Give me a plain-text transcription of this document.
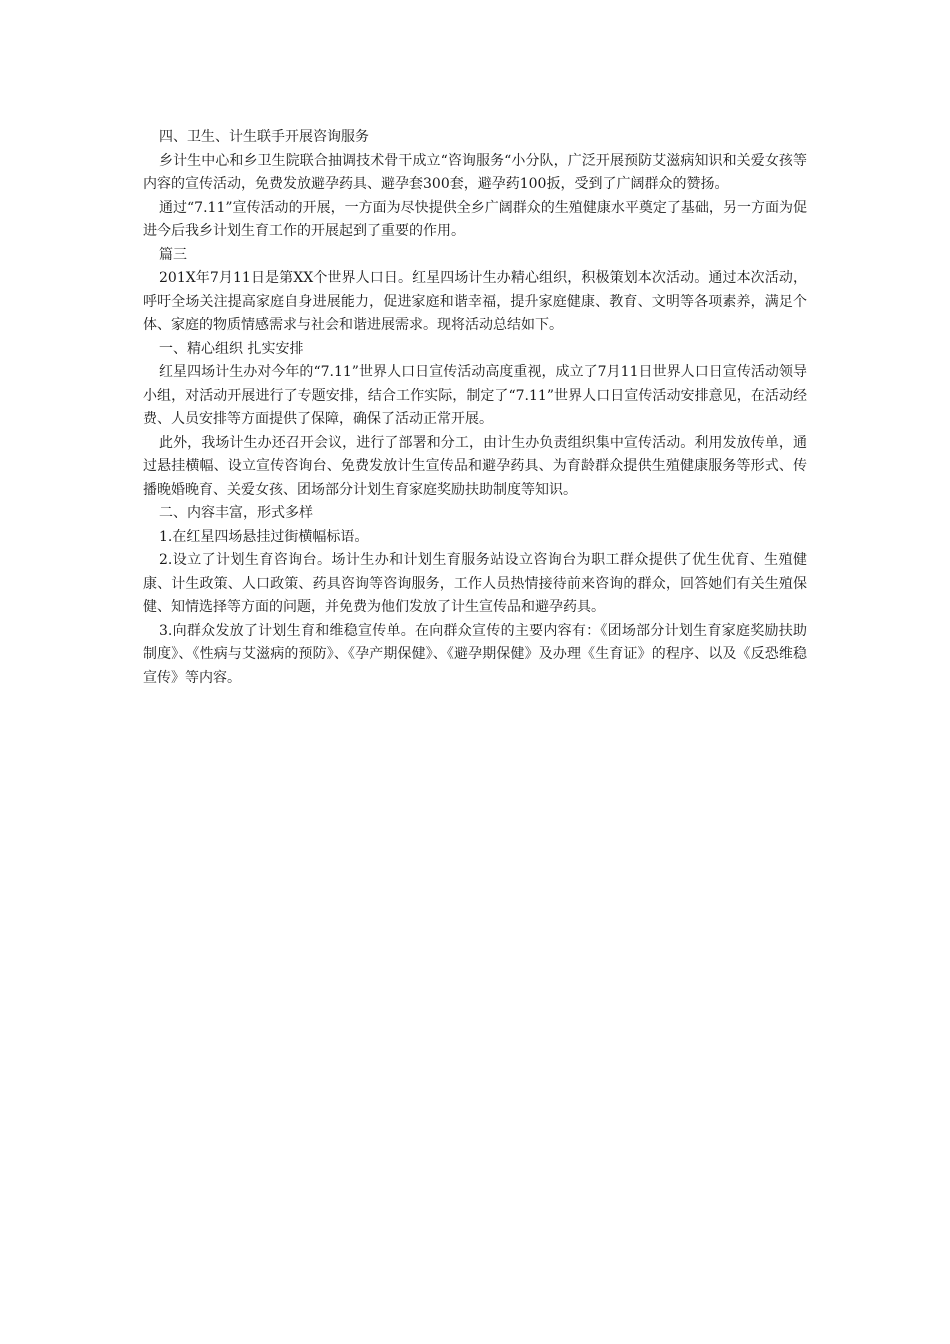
四、卫生、计生联手开展咨询服务

乡计生中心和乡卫生院联合抽调技术骨干成立“咨询服务“小分队，广泛开展预防艾滋病知识和关爱女孩等内容的宣传活动，免费发放避孕药具、避孕套300套，避孕药100扳，受到了广阔群众的赞扬。

通过“7.11”宣传活动的开展，一方面为尽快提供全乡广阔群众的生殖健康水平奠定了基础，另一方面为促进今后我乡计划生育工作的开展起到了重要的作用。

篇三

201X年7月11日是第XX个世界人口日。红星四场计生办精心组织，积极策划本次活动。通过本次活动，呼吁全场关注提高家庭自身进展能力，促进家庭和谐幸福，提升家庭健康、教育、文明等各项素养，满足个体、家庭的物质情感需求与社会和谐进展需求。现将活动总结如下。

一、精心组织 扎实安排

红星四场计生办对今年的“7.11”世界人口日宣传活动高度重视，成立了7月11日世界人口日宣传活动领导小组，对活动开展进行了专题安排，结合工作实际，制定了“7.11”世界人口日宣传活动安排意见，在活动经费、人员安排等方面提供了保障，确保了活动正常开展。

此外，我场计生办还召开会议，进行了部署和分工，由计生办负责组织集中宣传活动。利用发放传单，通过悬挂横幅、设立宣传咨询台、免费发放计生宣传品和避孕药具、为育龄群众提供生殖健康服务等形式、传播晚婚晚育、关爱女孩、团场部分计划生育家庭奖励扶助制度等知识。

二、内容丰富，形式多样

1.在红星四场悬挂过街横幅标语。

2.设立了计划生育咨询台。场计生办和计划生育服务站设立咨询台为职工群众提供了优生优育、生殖健康、计生政策、人口政策、药具咨询等咨询服务，工作人员热情接待前来咨询的群众，回答她们有关生殖保健、知情选择等方面的问题，并免费为他们发放了计生宣传品和避孕药具。

3.向群众发放了计划生育和维稳宣传单。在向群众宣传的主要内容有：《团场部分计划生育家庭奖励扶助制度》、《性病与艾滋病的预防》、《孕产期保健》、《避孕期保健》及办理《生育证》的程序、以及《反恐维稳宣传》等内容。
